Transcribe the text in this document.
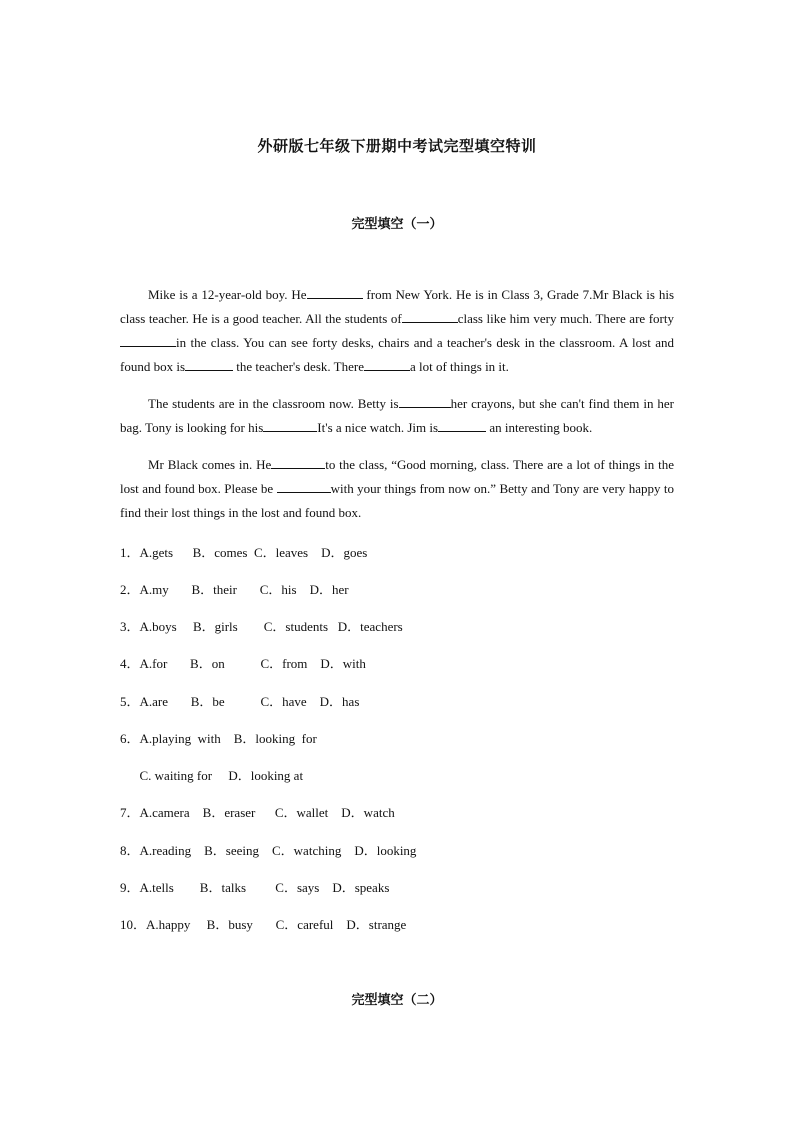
外研版七年级下册期中考试完型填空特训
完型填空（一）
Mike is a 12-year-old boy. He	from New York. He is in Class 3, Grade 7.Mr Black is his class teacher. He is a good teacher. All the students of	class like him very much. There are fortyin the class. You can see forty desks, chairs and a teacher's desk in the classroom. A lost and found box is	the teacher's desk. There	a lot of things in it.
The students are in the classroom now. Betty is	her crayons, but she can't find them in her bag. Tony is looking for his	It's a nice watch. Jim is	an interesting book.
Mr Black comes in. He	to the class, “Good morning, class. There are a lot of things in the lost and found box. Please be	with your things from now on.” Betty and Tony are very happy to find their lost things in the lost and found box.
1．A.gets      B．comes  C．leaves    D．goes
2．A.my       B．their       C．his    D．her
3．A.boys     B．girls        C．students   D．teachers
4．A.for       B．on           C．from    D．with
5．A.are       B．be           C．have    D．has
6．A.playing  with    B．looking  for
C. waiting for     D．looking at
7．A.camera    B．eraser      C．wallet    D．watch
8．A.reading    B．seeing    C．watching    D．looking
9．A.tells        B．talks         C．says    D．speaks
10．A.happy     B．busy       C．careful    D．strange
完型填空（二）
